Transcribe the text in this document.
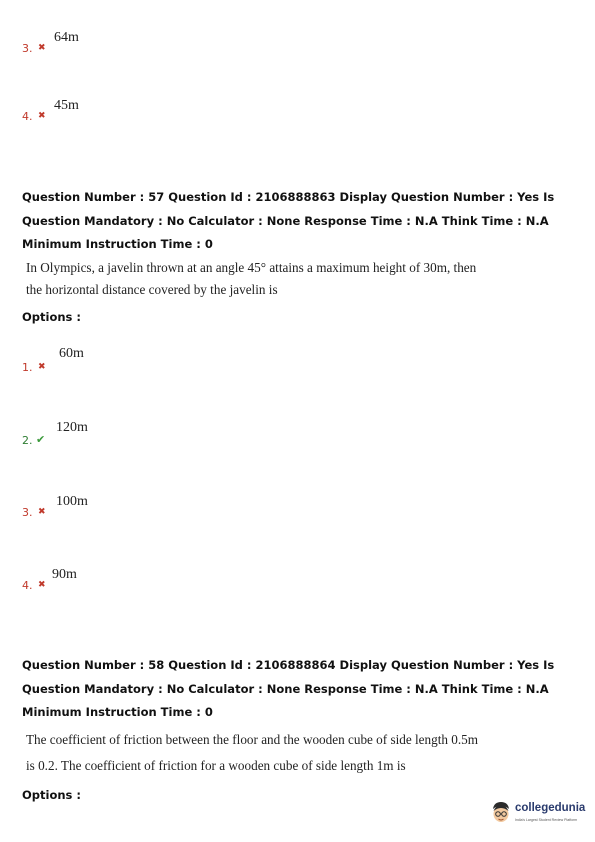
3. ✖
64m
4. ✖
45m
Question Number : 57 Question Id : 2106888863 Display Question Number : Yes Is Question Mandatory : No Calculator : None Response Time : N.A Think Time : N.A Minimum Instruction Time : 0
In Olympics, a javelin thrown at an angle 45° attains a maximum height of 30m, then
the horizontal distance covered by the javelin is
Options :
1. ✖
60m
2. ✔
120m
3. ✖
100m
4. ✖
90m
Question Number : 58 Question Id : 2106888864 Display Question Number : Yes Is Question Mandatory : No Calculator : None Response Time : N.A Think Time : N.A Minimum Instruction Time : 0
The coefficient of friction between the floor and the wooden cube of side length 0.5m
is 0.2. The coefficient of friction for a wooden cube of side length 1m is
Options :
collegedunia
India's Largest Student Review Platform
